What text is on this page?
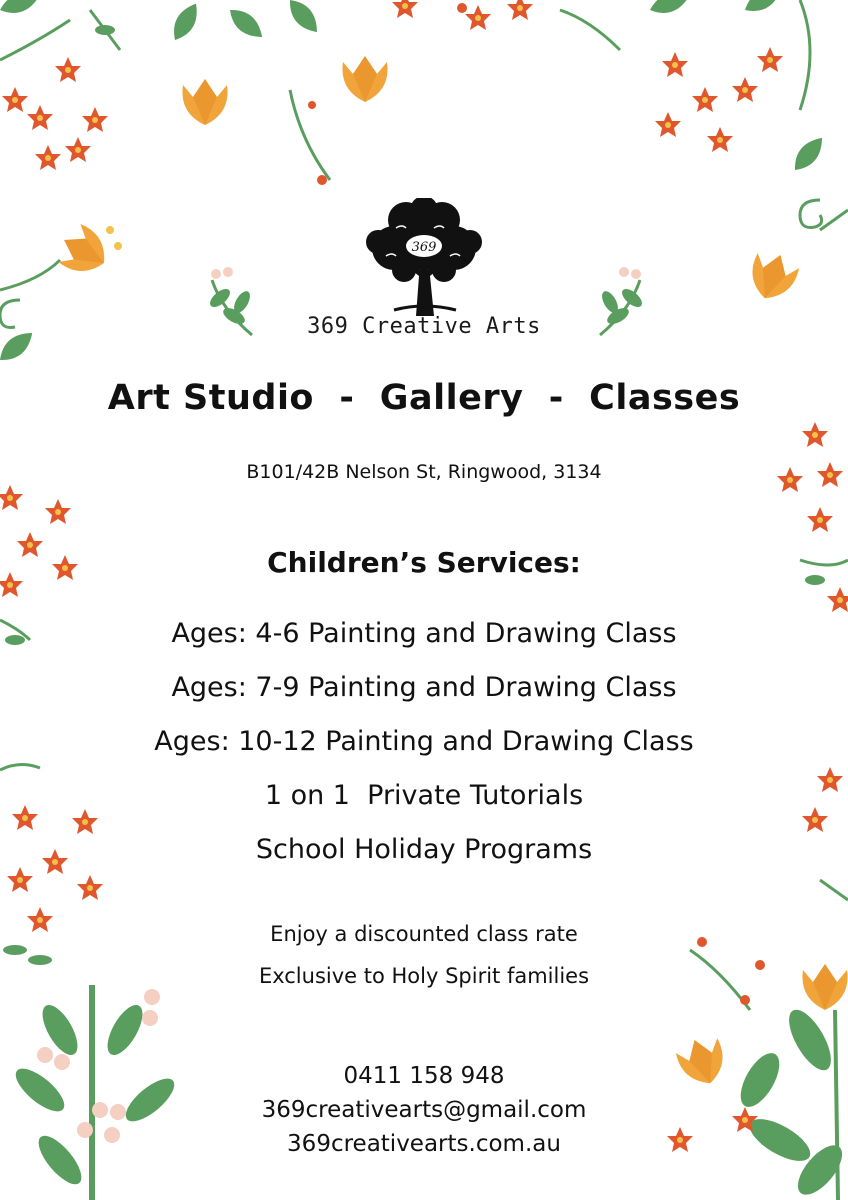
369
369 Creative Arts
Art Studio  -  Gallery  -  Classes
B101/42B Nelson St, Ringwood, 3134
Children’s Services:
Ages: 4-6 Painting and Drawing Class
Ages: 7-9 Painting and Drawing Class
Ages: 10-12 Painting and Drawing Class
1 on 1  Private Tutorials
School Holiday Programs
Enjoy a discounted class rate
Exclusive to Holy Spirit families
0411 158 948
369creativearts@gmail.com
369creativearts.com.au
